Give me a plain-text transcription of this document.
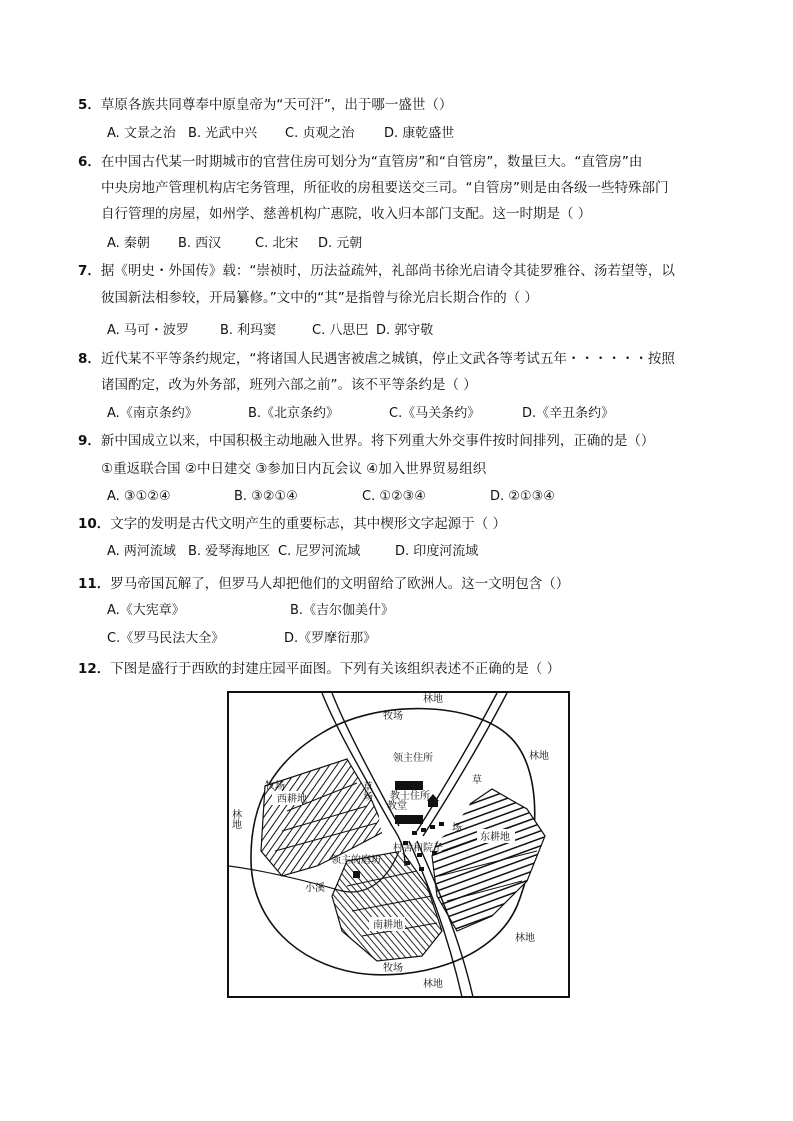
5．草原各族共同尊奉中原皇帝为“天可汗”，出于哪一盛世（）
A. 文景之治 B. 光武中兴 C. 贞观之治 D. 康乾盛世
6．在中国古代某一时期城市的官营住房可划分为“直管房”和“自管房”，数量巨大。“直管房”由
中央房地产管理机构店宅务管理，所征收的房租要送交三司。“自管房”则是由各级一些特殊部门
自行管理的房屋，如州学、慈善机构广惠院，收入归本部门支配。这一时期是（ ）
A. 秦朝 B. 西汉	C. 北宋 D. 元朝
7．据《明史・外国传》载：“崇祯时，历法益疏舛，礼部尚书徐光启请令其徒罗雅谷、汤若望等，以
彼国新法相参较，开局纂修。”文中的“其”是指曾与徐光启长期合作的（ ）
A. 马可・波罗 B. 利玛窦	C. 八思巴 D. 郭守敬
8．近代某不平等条约规定，“将诸国人民遇害被虐之城镇，停止文武各等考试五年・・・・・・按照
诸国酌定，改为外务部，班列六部之前”。该不平等条约是（ ）
A.《南京条约》	B.《北京条约》	C.《马关条约》	D.《辛丑条约》
9．新中国成立以来，中国积极主动地融入世界。将下列重大外交事件按时间排列，正确的是（）
①重返联合国 ②中日建交 ③参加日内瓦会议 ④加入世界贸易组织
A. ③①②④	B. ③②①④	C. ①②③④	D. ②①③④
10．文字的发明是古代文明产生的重要标志，其中楔形文字起源于（ ）
A. 两河流域 B. 爱琴海地区 C. 尼罗河流域	D. 印度河流域
11．罗马帝国瓦解了，但罗马人却把他们的文明留给了欧洲人。这一文明包含（）
A.《大宪章》	B.《吉尔伽美什》
C.《罗马民法大全》	D.《罗摩衍那》
12．下图是盛行于西欧的封建庄园平面图。下列有关该组织表述不正确的是（ ）
林地
牧场
领主住所
教堂
教士住所
草场
草
场
林地
牧场
林地
西耕地
东耕地
村舍和院子
领主的磨坊
小溪
南耕地
林地
牧场
林地
